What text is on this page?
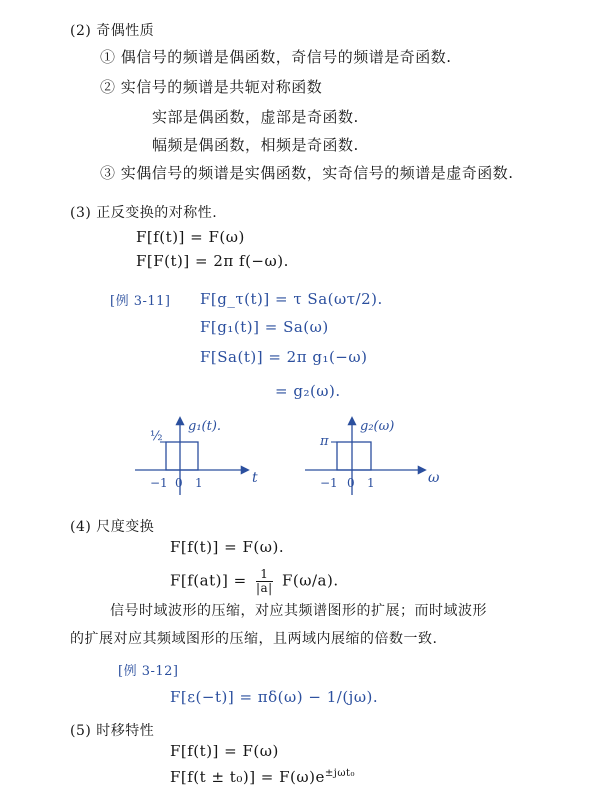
(2) 奇偶性质
① 偶信号的频谱是偶函数，奇信号的频谱是奇函数.
② 实信号的频谱是共轭对称函数
实部是偶函数，虚部是奇函数.
幅频是偶函数，相频是奇函数.
③ 实偶信号的频谱是实偶函数，实奇信号的频谱是虚奇函数.
(3) 正反变换的对称性.
F[f(t)] = F(ω)
F[F(t)] = 2π f(−ω).
[例 3-11] F[g_τ(t)] = τ Sa(ωτ/2).
F[g₁(t)] = Sa(ω)
F[Sa(t)] = 2π g₁(−ω)
= g₂(ω).
½
g₁(t).
t
−1 0 1
π
g₂(ω)
ω
−1 0 1
(4) 尺度变换
F[f(t)] = F(ω).
$F[f(at)] = \frac{1}{|a|} F(\omega/a)$.
信号时域波形的压缩，对应其频谱图形的扩展；而时域波形
的扩展对应其频域图形的压缩，且两域内展缩的倍数一致.
[例 3-12]
F[ε(−t)] = πδ(ω) − 1/(jω).
(5) 时移特性
F[f(t)] = F(ω)
$F[f(t \pm t_0)] = F(\omega)e^{\pm j\omega t_0}$
